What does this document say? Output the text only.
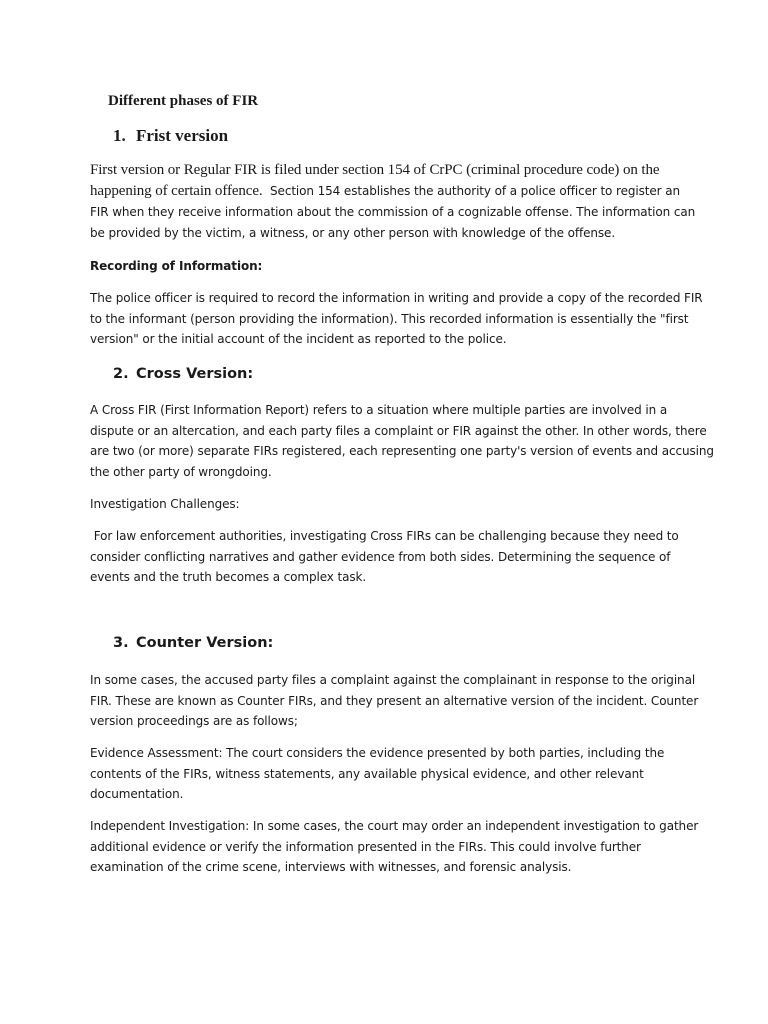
Different phases of FIR
1. Frist version
First version or Regular FIR is filed under section 154 of CrPC (criminal procedure code) on the
happening of certain offence. Section 154 establishes the authority of a police officer to register an
FIR when they receive information about the commission of a cognizable offense. The information can
be provided by the victim, a witness, or any other person with knowledge of the offense.
Recording of Information:
The police officer is required to record the information in writing and provide a copy of the recorded FIR
to the informant (person providing the information). This recorded information is essentially the "first
version" or the initial account of the incident as reported to the police.
2. Cross Version:
A Cross FIR (First Information Report) refers to a situation where multiple parties are involved in a
dispute or an altercation, and each party files a complaint or FIR against the other. In other words, there
are two (or more) separate FIRs registered, each representing one party's version of events and accusing
the other party of wrongdoing.
Investigation Challenges:
For law enforcement authorities, investigating Cross FIRs can be challenging because they need to
consider conflicting narratives and gather evidence from both sides. Determining the sequence of
events and the truth becomes a complex task.
3. Counter Version:
In some cases, the accused party files a complaint against the complainant in response to the original
FIR. These are known as Counter FIRs, and they present an alternative version of the incident. Counter
version proceedings are as follows;
Evidence Assessment: The court considers the evidence presented by both parties, including the
contents of the FIRs, witness statements, any available physical evidence, and other relevant
documentation.
Independent Investigation: In some cases, the court may order an independent investigation to gather
additional evidence or verify the information presented in the FIRs. This could involve further
examination of the crime scene, interviews with witnesses, and forensic analysis.
